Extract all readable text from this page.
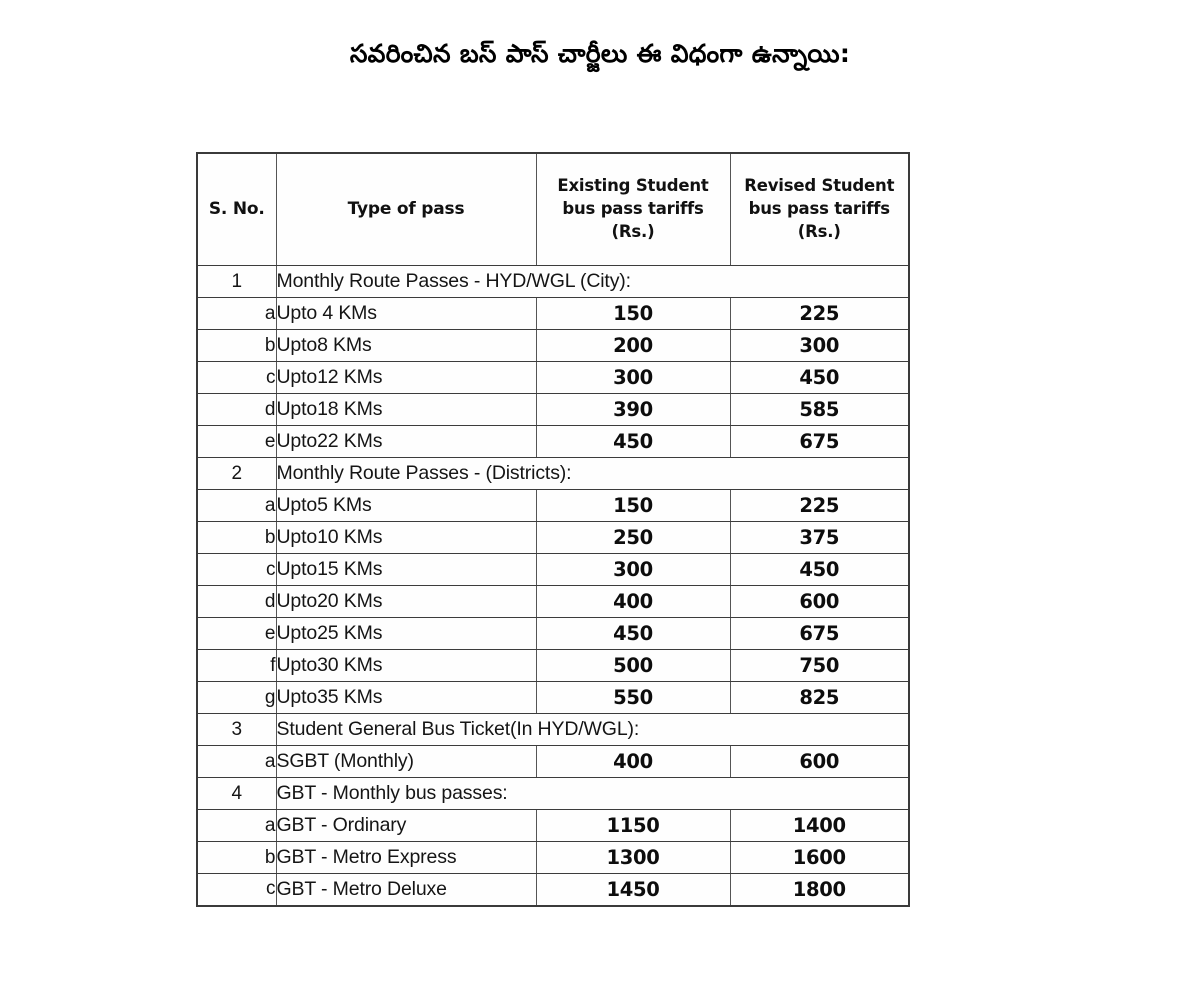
సవరించిన బస్ పాస్ చార్జీలు ఈ విధంగా ఉన్నాయి:
S. No.	Type of pass	Existing Student
bus pass tariffs
(Rs.)	Revised Student
bus pass tariffs
(Rs.)
1	Monthly Route Passes - HYD/WGL (City):		
a	Upto 4 KMs	150	225
b	Upto8 KMs	200	300
c	Upto12 KMs	300	450
d	Upto18 KMs	390	585
e	Upto22 KMs	450	675
2	Monthly Route Passes - (Districts):		
a	Upto5 KMs	150	225
b	Upto10 KMs	250	375
c	Upto15 KMs	300	450
d	Upto20 KMs	400	600
e	Upto25 KMs	450	675
f	Upto30 KMs	500	750
g	Upto35 KMs	550	825
3	Student General Bus Ticket(In HYD/WGL):		
a	SGBT (Monthly)	400	600
4	GBT - Monthly bus passes:		
a	GBT - Ordinary	1150	1400
b	GBT - Metro Express	1300	1600
c	GBT - Metro Deluxe	1450	1800
